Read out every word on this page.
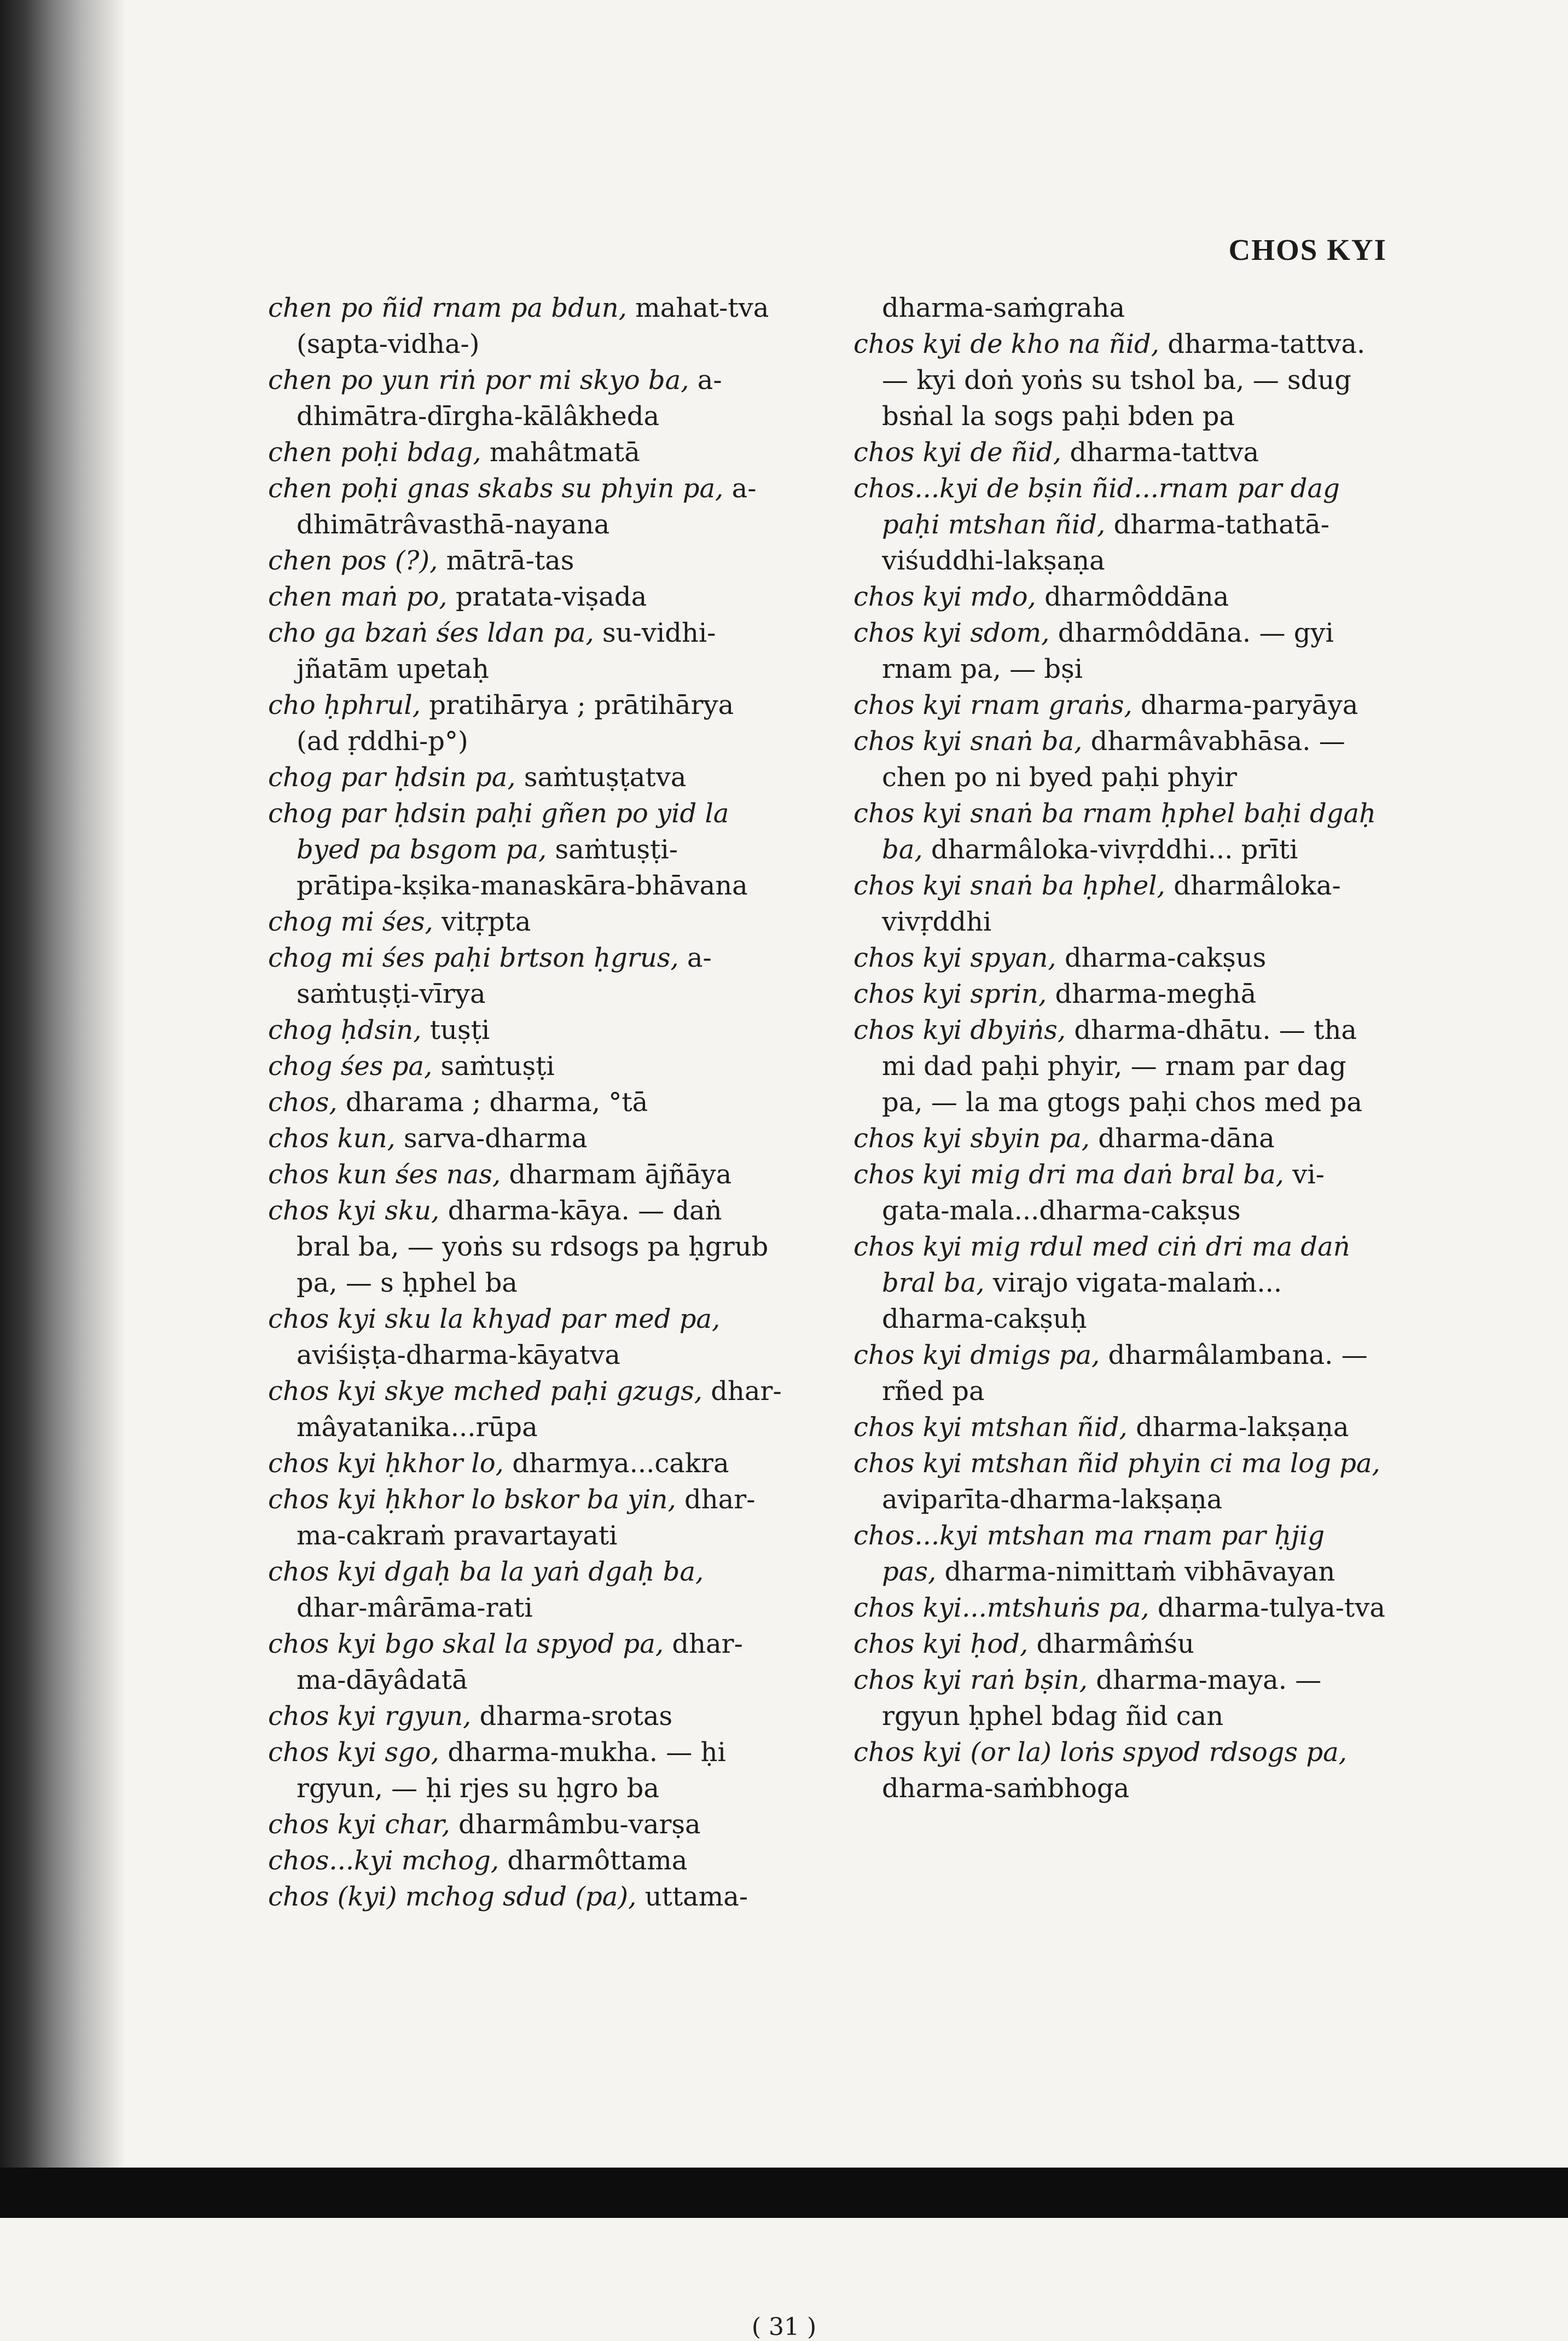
CHOS KYI
chen po ñid rnam pa bdun, mahat-tva (sapta-vidha-)
chen po yun riṅ por mi skyo ba, a-dhimātra-dīrgha-kālâkheda
chen poḥi bdag, mahâtmatā
chen poḥi gnas skabs su phyin pa, a-dhimātrâvasthā-nayana
chen pos (?), mātrā-tas
chen maṅ po, pratata-viṣada
cho ga bzaṅ śes ldan pa, su-vidhi-jñatām upetaḥ
cho ḥphrul, pratihārya ; prātihārya (ad ṛddhi-p°)
chog par ḥdsin pa, saṁtuṣṭatva
chog par ḥdsin paḥi gñen po yid la byed pa bsgom pa, saṁtuṣṭi-prātipa-kṣika-manaskāra-bhāvana
chog mi śes, vitṛpta
chog mi śes paḥi brtson ḥgrus, a-saṁtuṣṭi-vīrya
chog ḥdsin, tuṣṭi
chog śes pa, saṁtuṣṭi
chos, dharama ; dharma, °tā
chos kun, sarva-dharma
chos kun śes nas, dharmam ājñāya
chos kyi sku, dharma-kāya. — daṅ bral ba, — yoṅs su rdsogs pa ḥgrub pa, — s ḥphel ba
chos kyi sku la khyad par med pa, aviśiṣṭa-dharma-kāyatva
chos kyi skye mched paḥi gzugs, dhar-mâyatanika...rūpa
chos kyi ḥkhor lo, dharmya...cakra
chos kyi ḥkhor lo bskor ba yin, dhar-ma-cakraṁ pravartayati
chos kyi dgaḥ ba la yaṅ dgaḥ ba, dhar-mârāma-rati
chos kyi bgo skal la spyod pa, dhar-ma-dāyâdatā
chos kyi rgyun, dharma-srotas
chos kyi sgo, dharma-mukha. — ḥi rgyun, — ḥi rjes su ḥgro ba
chos kyi char, dharmâmbu-varṣa
chos...kyi mchog, dharmôttama
chos (kyi) mchog sdud (pa), uttama-
dharma-saṁgraha
chos kyi de kho na ñid, dharma-tattva. — kyi doṅ yoṅs su tshol ba, — sdug bsṅal la sogs paḥi bden pa
chos kyi de ñid, dharma-tattva
chos...kyi de bṣin ñid...rnam par dag paḥi mtshan ñid, dharma-tathatā-viśuddhi-lakṣaṇa
chos kyi mdo, dharmôddāna
chos kyi sdom, dharmôddāna. — gyi rnam pa, — bṣi
chos kyi rnam graṅs, dharma-paryāya
chos kyi snaṅ ba, dharmâvabhāsa. — chen po ni byed paḥi phyir
chos kyi snaṅ ba rnam ḥphel baḥi dgaḥ ba, dharmâloka-vivṛddhi... prīti
chos kyi snaṅ ba ḥphel, dharmâloka-vivṛddhi
chos kyi spyan, dharma-cakṣus
chos kyi sprin, dharma-meghā
chos kyi dbyiṅs, dharma-dhātu. — tha mi dad paḥi phyir, — rnam par dag pa, — la ma gtogs paḥi chos med pa
chos kyi sbyin pa, dharma-dāna
chos kyi mig dri ma daṅ bral ba, vi-gata-mala...dharma-cakṣus
chos kyi mig rdul med ciṅ dri ma daṅ bral ba, virajo vigata-malaṁ... dharma-cakṣuḥ
chos kyi dmigs pa, dharmâlambana. — rñed pa
chos kyi mtshan ñid, dharma-lakṣaṇa
chos kyi mtshan ñid phyin ci ma log pa, aviparīta-dharma-lakṣaṇa
chos...kyi mtshan ma rnam par ḥjig pas, dharma-nimittaṁ vibhāvayan
chos kyi...mtshuṅs pa, dharma-tulya-tva
chos kyi ḥod, dharmâṁśu
chos kyi raṅ bṣin, dharma-maya. — rgyun ḥphel bdag ñid can
chos kyi (or la) loṅs spyod rdsogs pa, dharma-saṁbhoga
( 31 )
